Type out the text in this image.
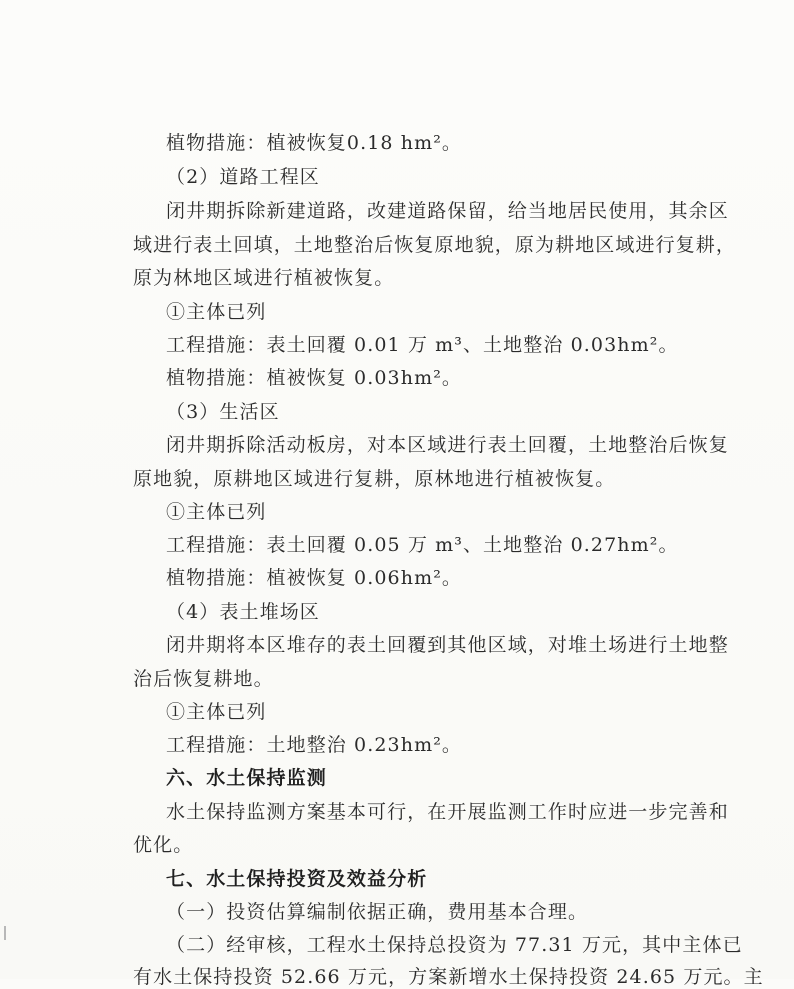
植物措施：植被恢复0.18 hm²。
（2）道路工程区
闭井期拆除新建道路，改建道路保留，给当地居民使用，其余区
域进行表土回填，土地整治后恢复原地貌，原为耕地区域进行复耕，
原为林地区域进行植被恢复。
①主体已列
工程措施：表土回覆 0.01 万 m³、土地整治 0.03hm²。
植物措施：植被恢复 0.03hm²。
（3）生活区
闭井期拆除活动板房，对本区域进行表土回覆，土地整治后恢复
原地貌，原耕地区域进行复耕，原林地进行植被恢复。
①主体已列
工程措施：表土回覆 0.05 万 m³、土地整治 0.27hm²。
植物措施：植被恢复 0.06hm²。
（4）表土堆场区
闭井期将本区堆存的表土回覆到其他区域，对堆土场进行土地整
治后恢复耕地。
①主体已列
工程措施：土地整治 0.23hm²。
六、水土保持监测
水土保持监测方案基本可行，在开展监测工作时应进一步完善和
优化。
七、水土保持投资及效益分析
（一）投资估算编制依据正确，费用基本合理。
（二）经审核，工程水土保持总投资为 77.31 万元，其中主体已
有水土保持投资 52.66 万元，方案新增水土保持投资 24.65 万元。主
